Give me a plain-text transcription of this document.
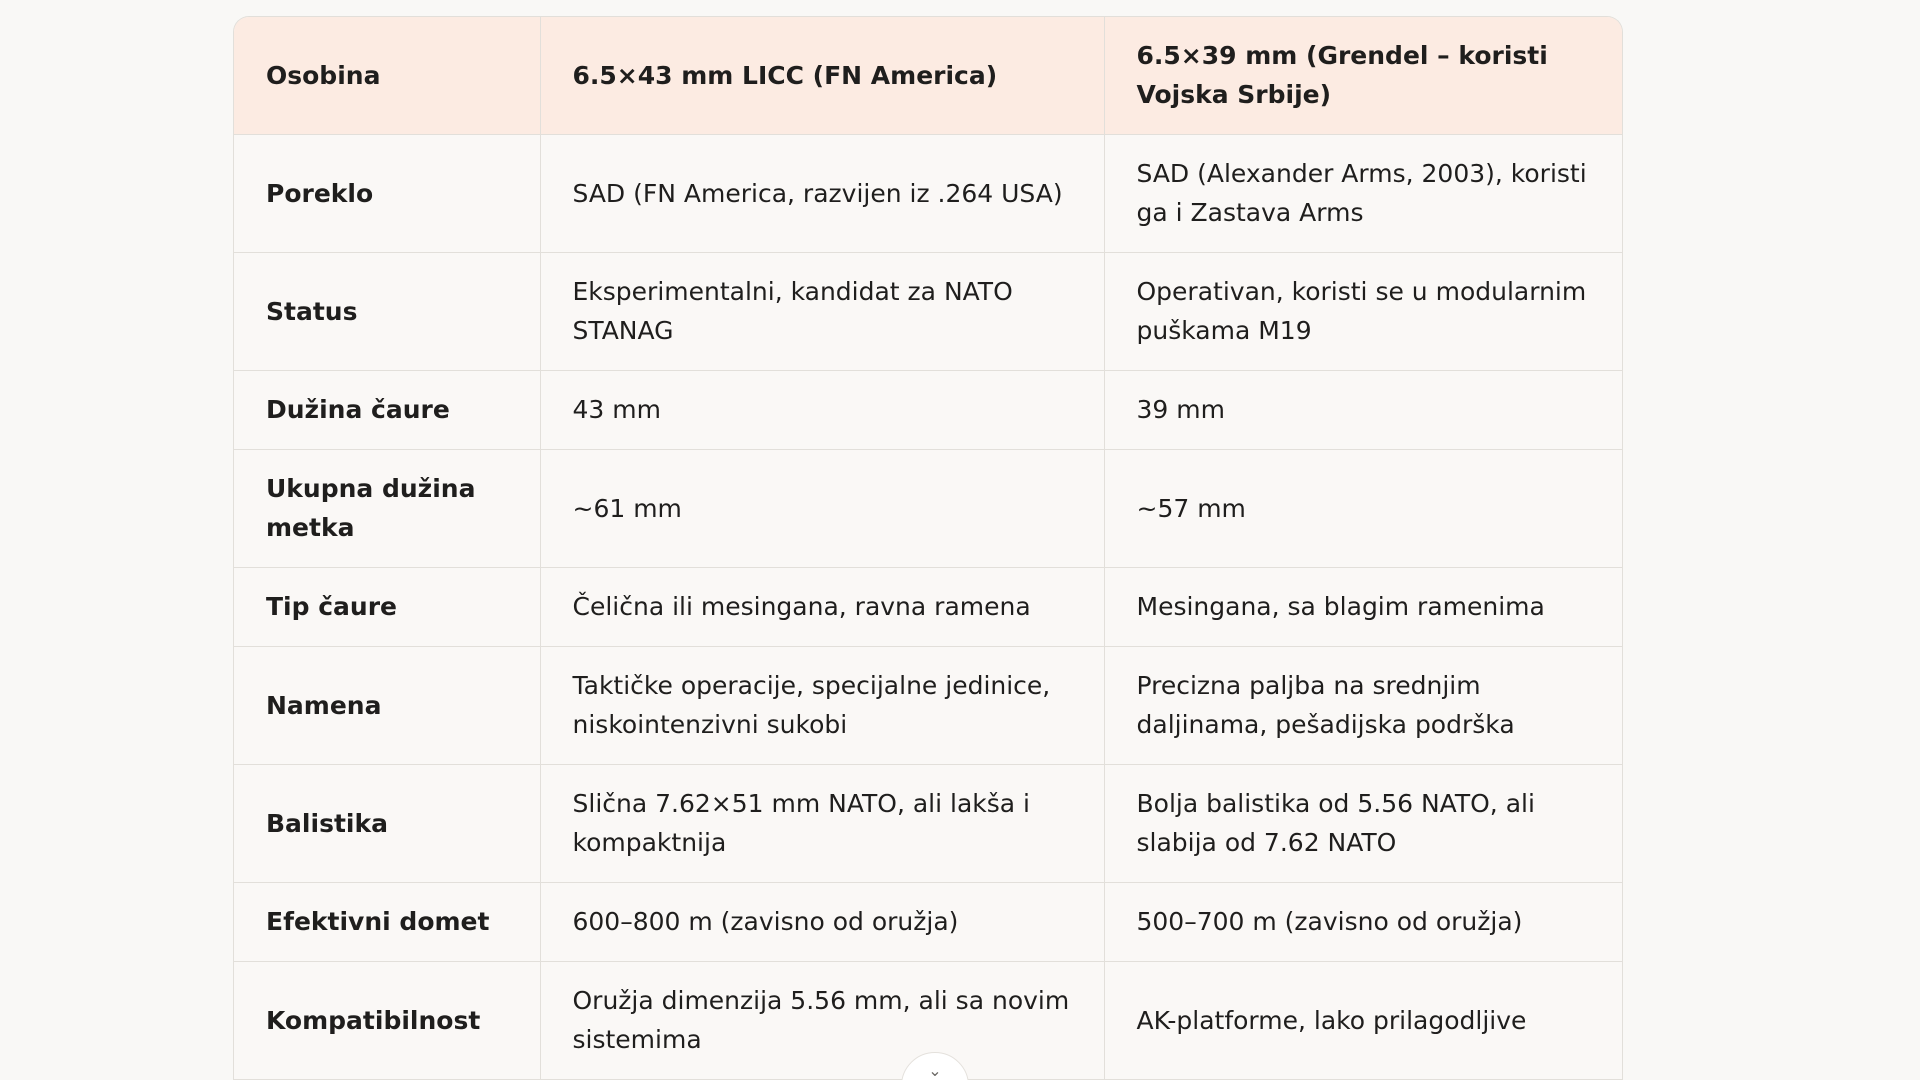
Osobina	6.5×43 mm LICC (FN America)	6.5×39 mm (Grendel – koristi Vojska Srbije)
Poreklo	SAD (FN America, razvijen iz .264 USA)	SAD (Alexander Arms, 2003), koristi ga i Zastava Arms
Status	Eksperimentalni, kandidat za NATO STANAG	Operativan, koristi se u modularnim puškama M19
Dužina čaure	43 mm	39 mm
Ukupna dužina metka	~61 mm	~57 mm
Tip čaure	Čelična ili mesingana, ravna ramena	Mesingana, sa blagim ramenima
Namena	Taktičke operacije, specijalne jedinice, niskointenzivni sukobi	Precizna paljba na srednjim daljinama, pešadijska podrška
Balistika	Slična 7.62×51 mm NATO, ali lakša i kompaktnija	Bolja balistika od 5.56 NATO, ali slabija od 7.62 NATO
Efektivni domet	600–800 m (zavisno od oružja)	500–700 m (zavisno od oružja)
Kompatibilnost	Oružja dimenzija 5.56 mm, ali sa novim sistemima	AK-platforme, lako prilagodljive
⌄
